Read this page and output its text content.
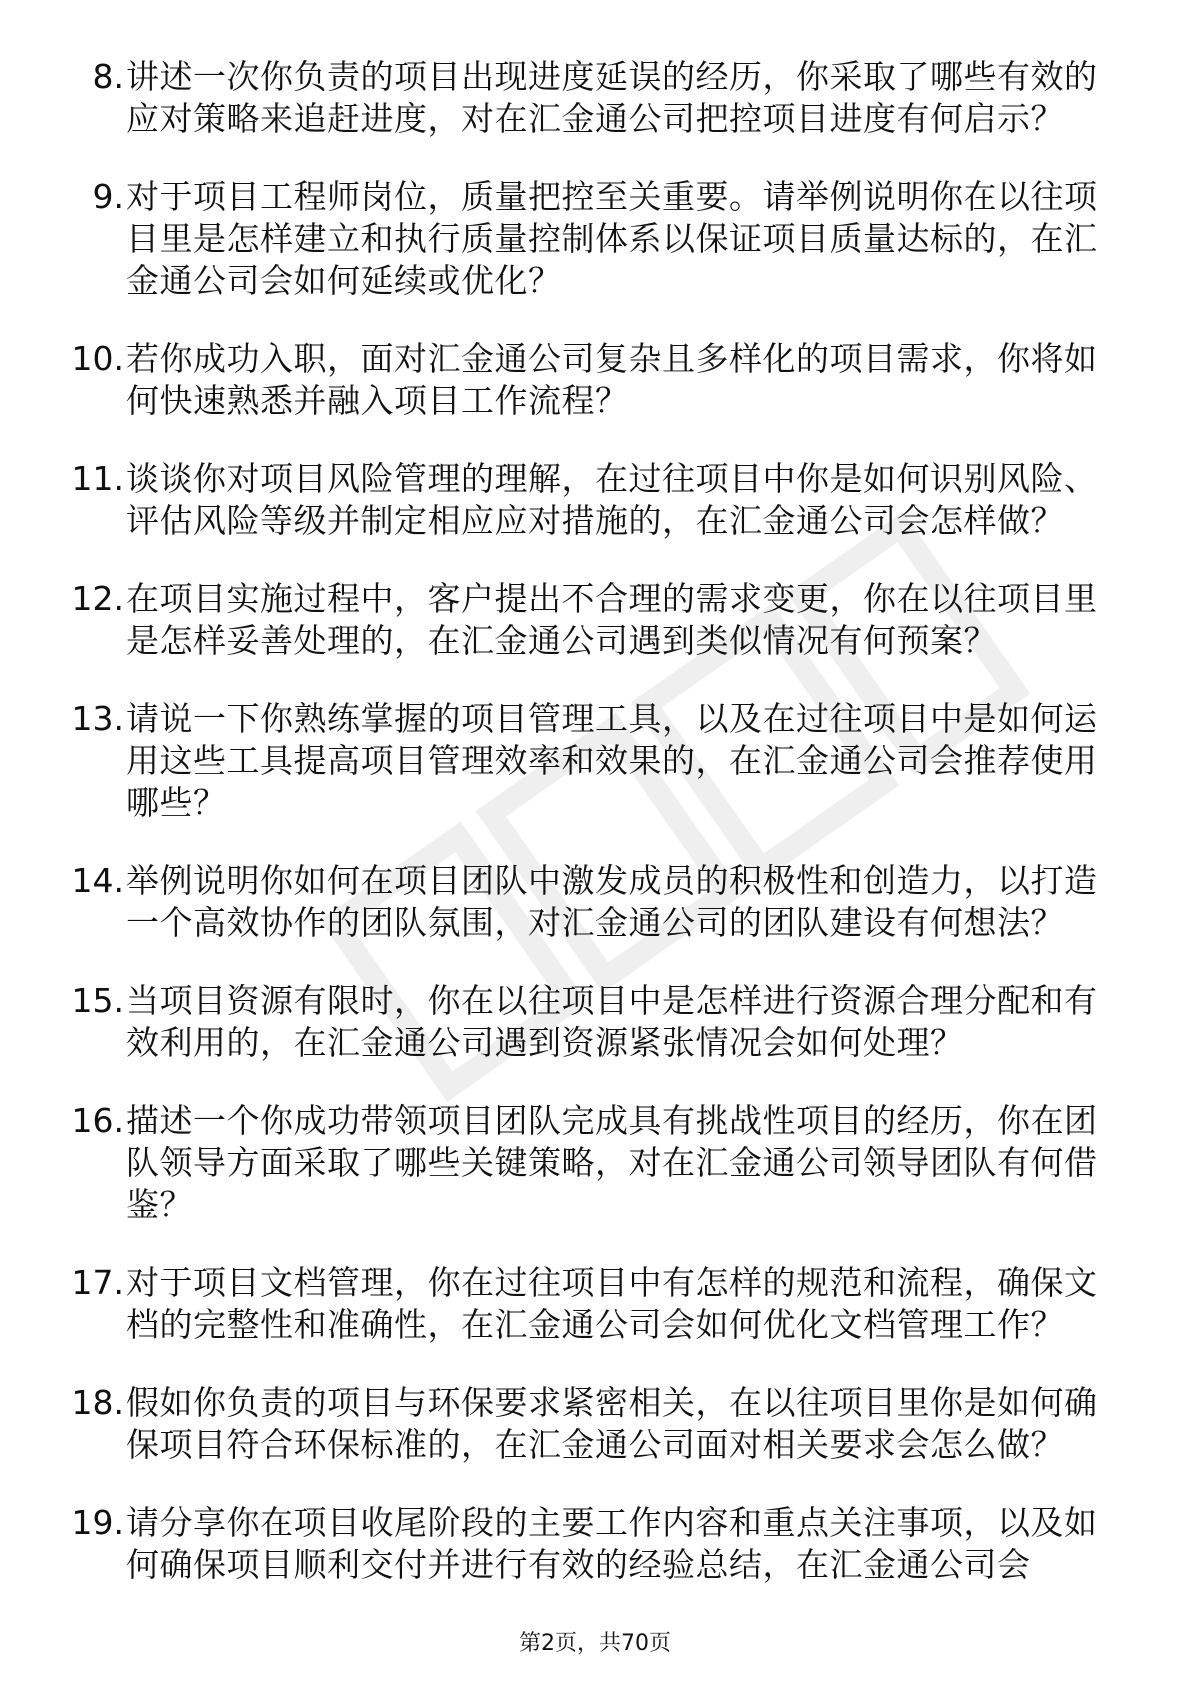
8. 讲述一次你负责的项目出现进度延误的经历，你采取了哪些有效的应对策略来追赶进度，对在汇金通公司把控项目进度有何启示？
9. 对于项目工程师岗位，质量把控至关重要。请举例说明你在以往项目里是怎样建立和执行质量控制体系以保证项目质量达标的，在汇金通公司会如何延续或优化？
10. 若你成功入职，面对汇金通公司复杂且多样化的项目需求，你将如何快速熟悉并融入项目工作流程？
11. 谈谈你对项目风险管理的理解，在过往项目中你是如何识别风险、评估风险等级并制定相应应对措施的，在汇金通公司会怎样做？
12. 在项目实施过程中，客户提出不合理的需求变更，你在以往项目里是怎样妥善处理的，在汇金通公司遇到类似情况有何预案？
13. 请说一下你熟练掌握的项目管理工具，以及在过往项目中是如何运用这些工具提高项目管理效率和效果的，在汇金通公司会推荐使用哪些？
14. 举例说明你如何在项目团队中激发成员的积极性和创造力，以打造一个高效协作的团队氛围，对汇金通公司的团队建设有何想法？
15. 当项目资源有限时，你在以往项目中是怎样进行资源合理分配和有效利用的，在汇金通公司遇到资源紧张情况会如何处理？
16. 描述一个你成功带领项目团队完成具有挑战性项目的经历，你在团队领导方面采取了哪些关键策略，对在汇金通公司领导团队有何借鉴？
17. 对于项目文档管理，你在过往项目中有怎样的规范和流程，确保文档的完整性和准确性，在汇金通公司会如何优化文档管理工作？
18. 假如你负责的项目与环保要求紧密相关，在以往项目里你是如何确保项目符合环保标准的，在汇金通公司面对相关要求会怎么做？
19. 请分享你在项目收尾阶段的主要工作内容和重点关注事项，以及如何确保项目顺利交付并进行有效的经验总结，在汇金通公司会
第2页，共70页
